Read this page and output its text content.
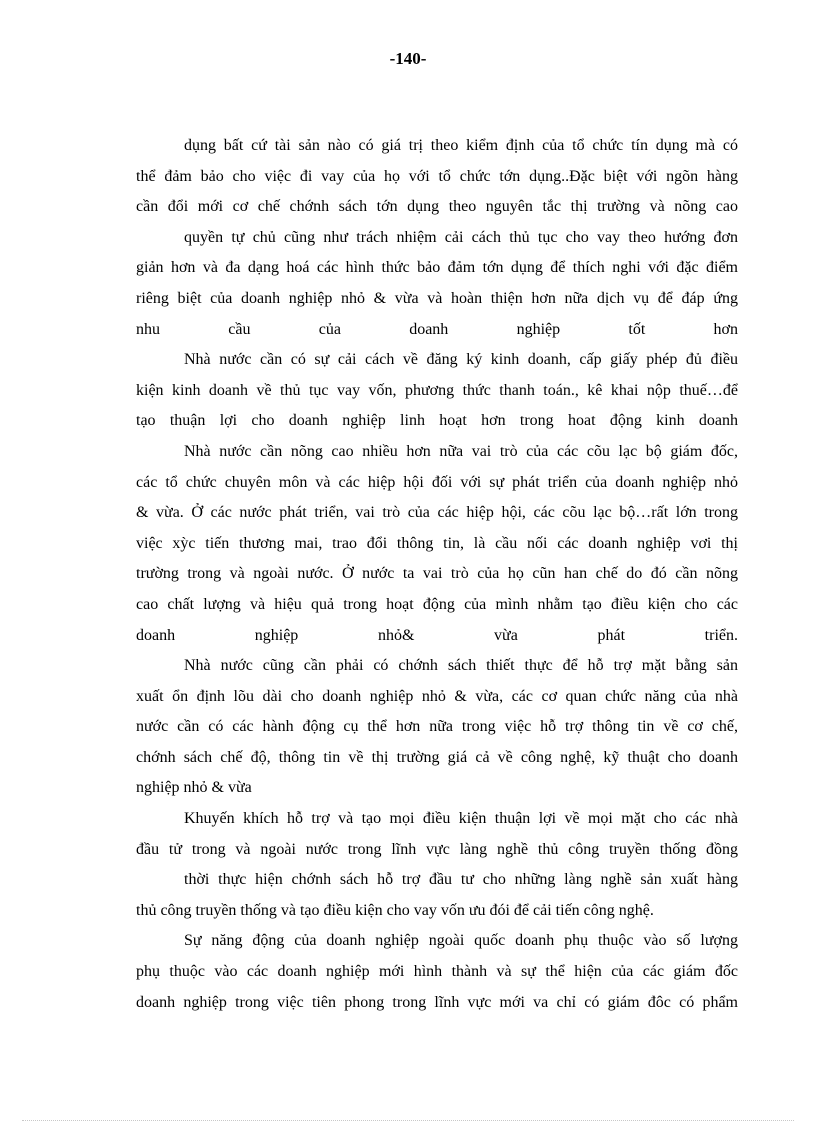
-140-
dụng bất cứ tài sản nào có giá trị theo kiểm định của tổ chức tín dụng mà có
thể đảm bảo cho việc đi vay của họ với tổ chức tớn dụng..Đặc biệt với ngõn hàng
cần đổi mới cơ chế chớnh sách tớn dụng theo nguyên tắc thị trường và nõng cao
quyền tự chủ cũng như trách nhiệm cải cách thủ tục cho vay theo hướng đơn
giản hơn và đa dạng hoá các hình thức bảo đảm tớn dụng để thích nghi với đặc điểm
riêng biệt của doanh nghiệp nhỏ & vừa và hoàn thiện hơn nữa dịch vụ để đáp ứng
nhu cầu của doanh nghiệp tốt hơn
Nhà nước cần có sự cải cách về đăng ký kinh doanh, cấp giấy phép đủ điều
kiện kinh doanh về thủ tục vay vốn, phương thức thanh toán., kê khai nộp thuế…để
tạo thuận lợi cho doanh nghiệp linh hoạt hơn trong hoat động kinh doanh
Nhà nước cần nõng cao nhiều hơn nữa vai trò của các cõu lạc bộ giám đốc,
các tổ chức chuyên môn và các hiệp hội đối với sự phát triển của doanh nghiệp nhỏ
& vừa. Ở các nước phát triển, vai trò của các hiệp hội, các cõu lạc bộ…rất lớn trong
việc xỳc tiến thương mai, trao đổi thông tin, là cầu nối các doanh nghiệp vơi thị
trường trong và ngoài nước. Ở nước ta vai trò của họ cũn han chế do đó cần nõng
cao chất lượng và hiệu quả trong hoạt động của mình nhằm tạo điều kiện cho các
doanh nghiệp nhỏ& vừa phát triển.
Nhà nước cũng cần phải có chớnh sách thiết thực để hỗ trợ mặt bằng sản
xuất ổn định lõu dài cho doanh nghiệp nhỏ & vừa, các cơ quan chức năng của nhà
nước cần có các hành động cụ thể hơn nữa trong việc hỗ trợ thông tin về cơ chế,
chớnh sách chế độ, thông tin về thị trường giá cả về công nghệ, kỹ thuật cho doanh
nghiệp nhỏ & vừa
Khuyến khích hỗ trợ và tạo mọi điều kiện thuận lợi về mọi mặt cho các nhà
đầu tử trong và ngoài nước trong lĩnh vực làng nghề thủ công truyền thống đồng
thời thực hiện chớnh sách hỗ trợ đầu tư cho những làng nghề sản xuất hàng
thủ công truyền thống và tạo điều kiện cho vay vốn ưu đói để cải tiến công nghệ.
Sự năng động của doanh nghiệp ngoài quốc doanh phụ thuộc vào số lượng
phụ thuộc vào các doanh nghiệp mới hình thành và sự thể hiện của các giám đốc
doanh nghiệp trong việc tiên phong trong lĩnh vực mới va chỉ có giám đôc có phẩm
